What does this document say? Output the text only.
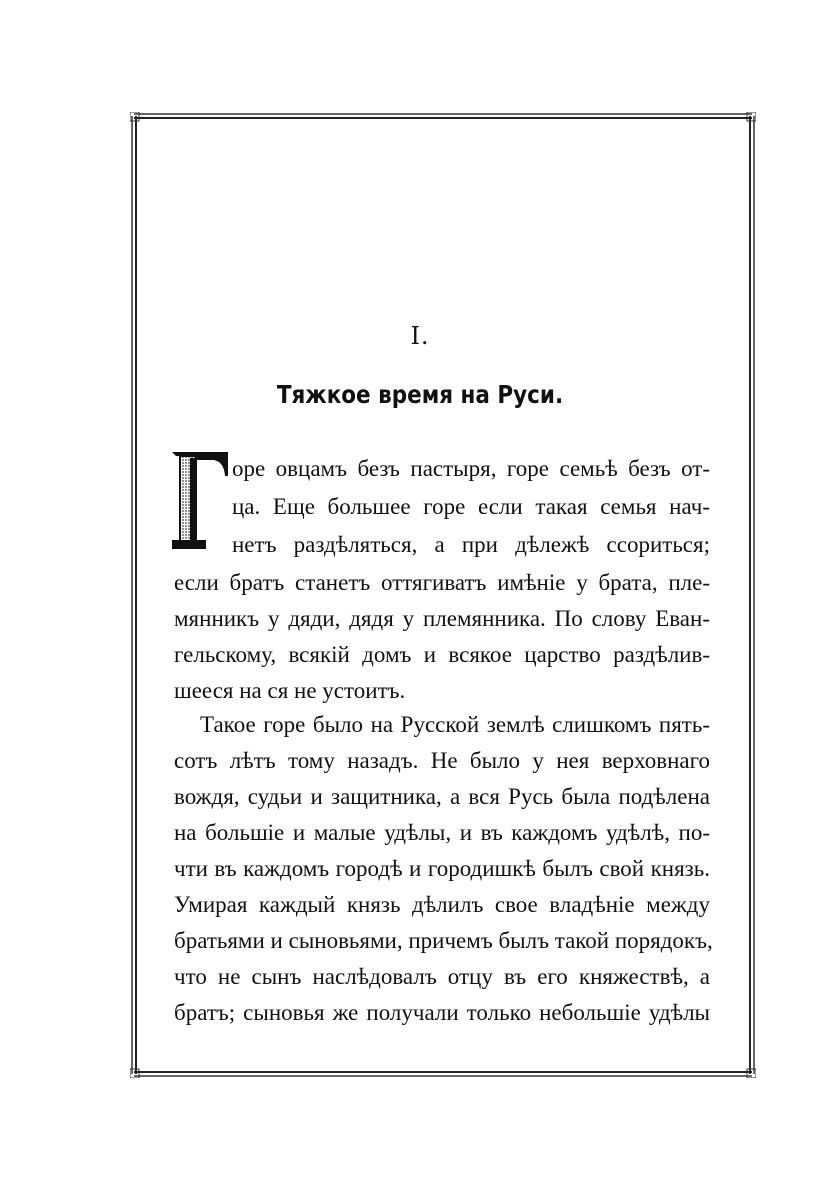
I.
Тяжкое время на Руси.
оре овцамъ безъ пастыря, горе семьѣ безъ от-
ца. Еще большее горе если такая семья нач-
нетъ раздѣляться, а при дѣлежѣ ссориться;
если братъ станетъ оттягиватъ имѣніе у брата, пле-
мянникъ у дяди, дядя у племянника. По слову Еван-
гельскому, всякій домъ и всякое царство раздѣлив-
шееся на ся не устоитъ.
Такое горе было на Русской землѣ слишкомъ пять-
сотъ лѣтъ тому назадъ. Не было у нея верховнаго
вождя, судьи и защитника, а вся Русь была подѣлена
на большіе и малые удѣлы, и въ каждомъ удѣлѣ, по-
чти въ каждомъ городѣ и городишкѣ былъ свой князь.
Умирая каждый князь дѣлилъ свое владѣніе между
братьями и сыновьями, причемъ былъ такой порядокъ,
что не сынъ наслѣдовалъ отцу въ его княжествѣ, а
братъ; сыновья же получали только небольшіе удѣлы
